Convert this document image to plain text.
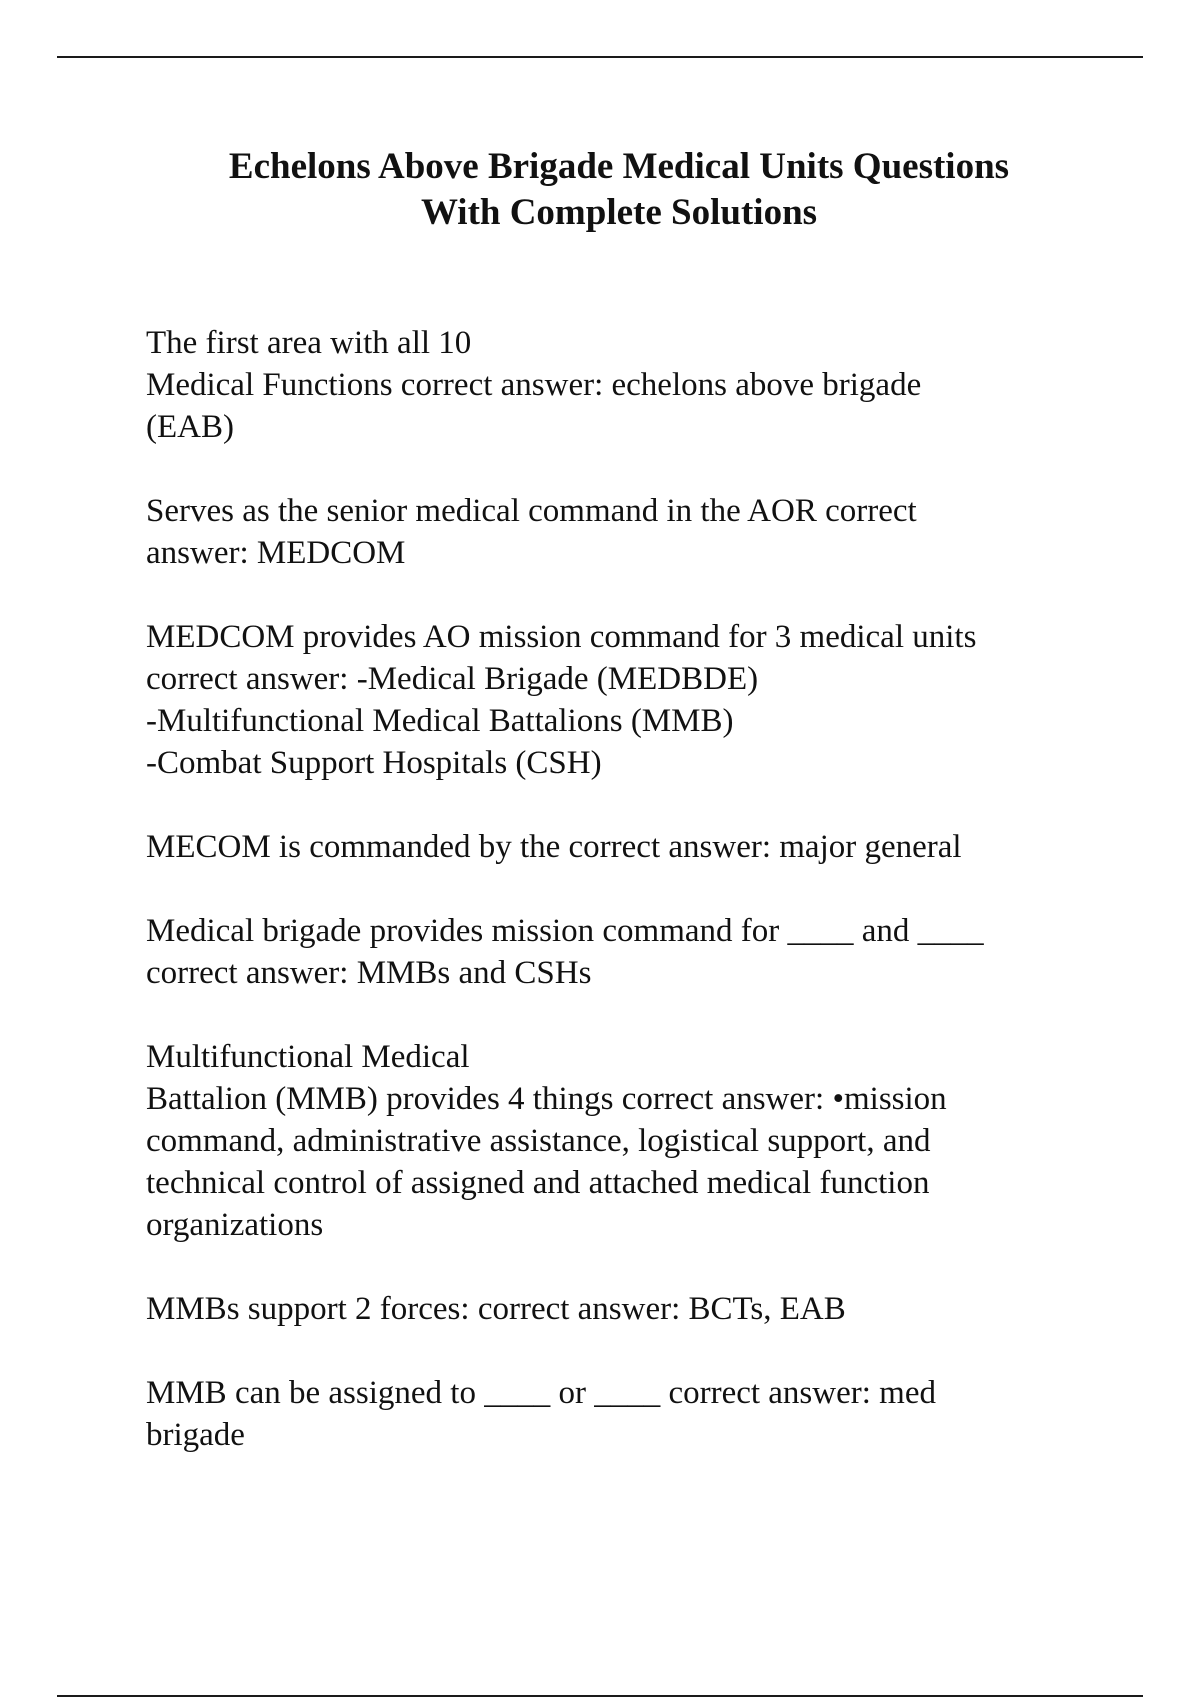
Echelons Above Brigade Medical Units Questions
With Complete Solutions
The first area with all 10
Medical Functions correct answer: echelons above brigade
(EAB)
Serves as the senior medical command in the AOR correct
answer: MEDCOM
MEDCOM provides AO mission command for 3 medical units
correct answer: -Medical Brigade (MEDBDE)
-Multifunctional Medical Battalions (MMB)
-Combat Support Hospitals (CSH)
MECOM is commanded by the correct answer: major general
Medical brigade provides mission command for ____ and ____
correct answer: MMBs and CSHs
Multifunctional Medical
Battalion (MMB) provides 4 things correct answer: •mission
command, administrative assistance, logistical support, and
technical control of assigned and attached medical function
organizations
MMBs support 2 forces: correct answer: BCTs, EAB
MMB can be assigned to ____ or ____ correct answer: med
brigade
